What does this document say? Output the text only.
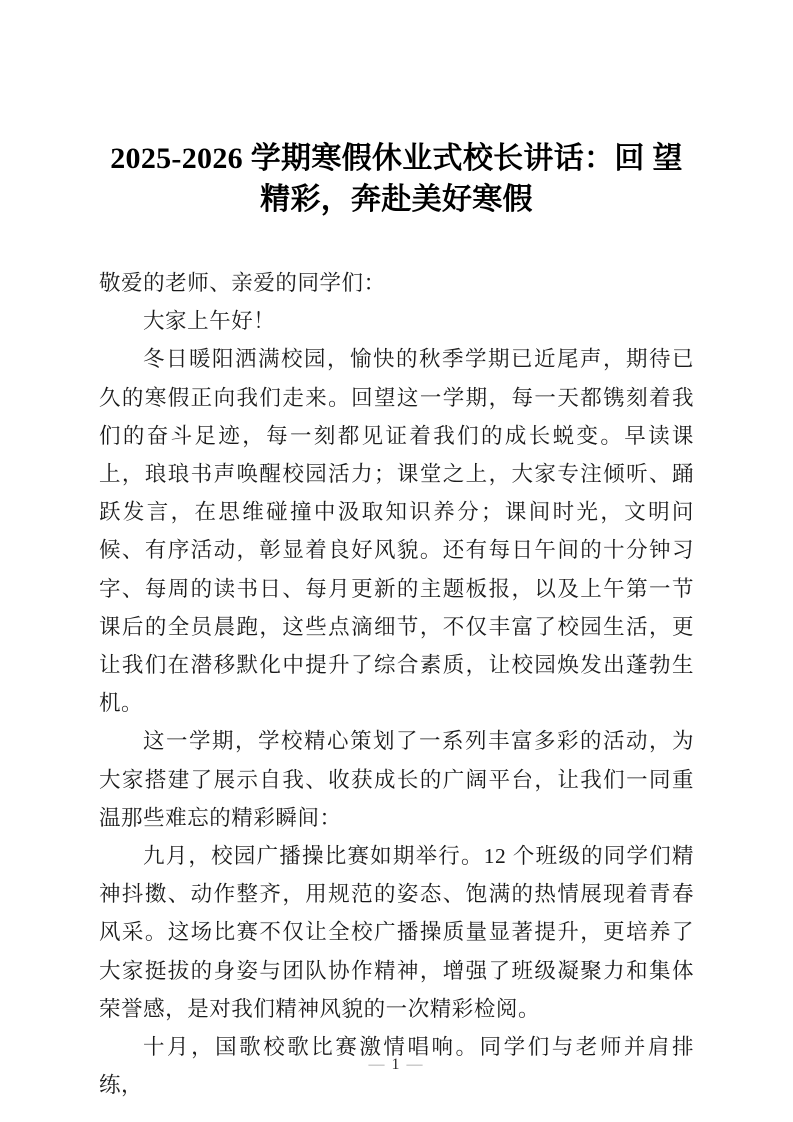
2025-2026 学期寒假休业式校长讲话：回 望精彩，奔赴美好寒假

敬爱的老师、亲爱的同学们：

大家上午好！

冬日暖阳洒满校园，愉快的秋季学期已近尾声，期待已久的寒假正向我们走来。回望这一学期，每一天都镌刻着我们的奋斗足迹，每一刻都见证着我们的成长蜕变。早读课上，琅琅书声唤醒校园活力；课堂之上，大家专注倾听、踊跃发言，在思维碰撞中汲取知识养分；课间时光，文明问候、有序活动，彰显着良好风貌。还有每日午间的十分钟习字、每周的读书日、每月更新的主题板报，以及上午第一节课后的全员晨跑，这些点滴细节，不仅丰富了校园生活，更让我们在潜移默化中提升了综合素质，让校园焕发出蓬勃生机。

这一学期，学校精心策划了一系列丰富多彩的活动，为大家搭建了展示自我、收获成长的广阔平台，让我们一同重温那些难忘的精彩瞬间：

九月，校园广播操比赛如期举行。12 个班级的同学们精神抖擞、动作整齐，用规范的姿态、饱满的热情展现着青春风采。这场比赛不仅让全校广播操质量显著提升，更培养了大家挺拔的身姿与团队协作精神，增强了班级凝聚力和集体荣誉感，是对我们精神风貌的一次精彩检阅。

十月，国歌校歌比赛激情唱响。同学们与老师并肩排练，

— 1 —
